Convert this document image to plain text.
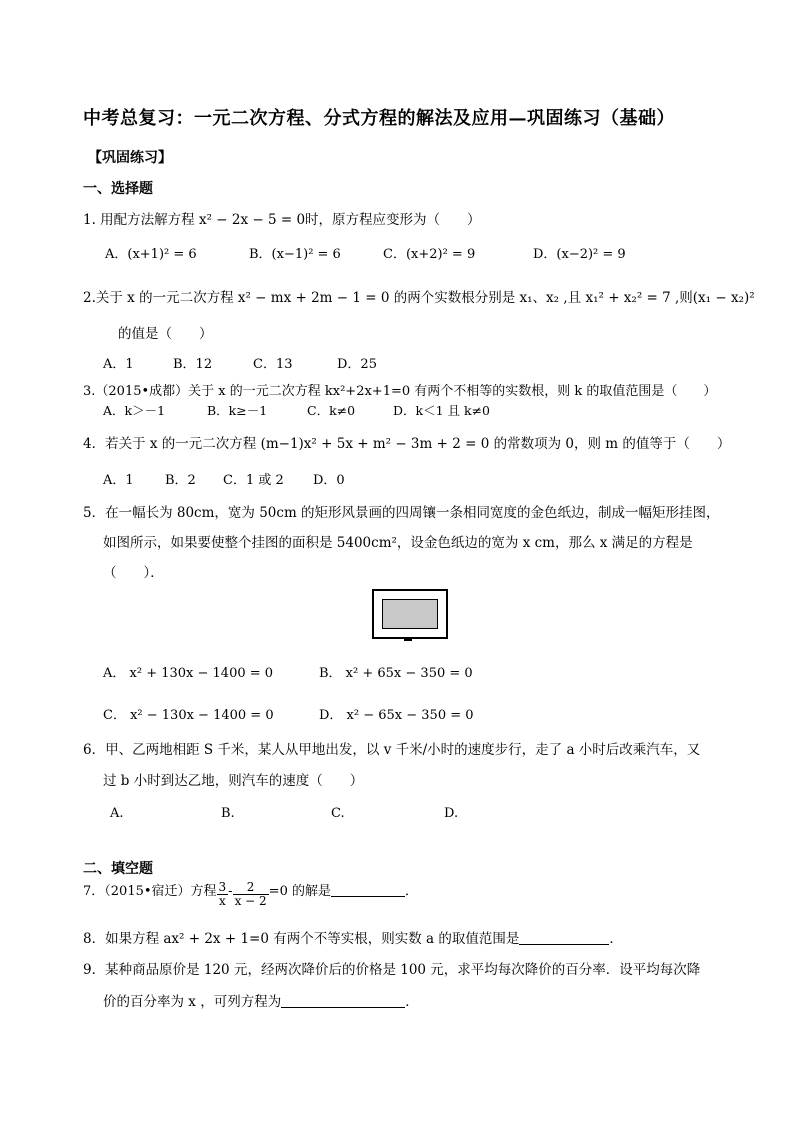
中考总复习：一元二次方程、分式方程的解法及应用—巩固练习（基础）
【巩固练习】
一、选择题
1. 用配方法解方程 x² − 2x − 5 = 0时，原方程应变形为（　　）
A．(x+1)² = 6	B．(x−1)² = 6	C．(x+2)² = 9	D．(x−2)² = 9
2.关于 x 的一元二次方程 x² − mx + 2m − 1 = 0 的两个实数根分别是 x₁、x₂ ,且 x₁² + x₂² = 7 ,则(x₁ − x₂)²
的值是（　　）
A．1	B．12	C．13	D．25
3.（2015•成都）关于 x 的一元二次方程 kx²+2x+1=0 有两个不相等的实数根，则 k 的取值范围是（　　）
A．k＞－1	B．k≥－1	C．k≠0	D．k＜1 且 k≠0
4．若关于 x 的一元二次方程 (m−1)x² + 5x + m² − 3m + 2 = 0 的常数项为 0，则 m 的值等于（　　）
A．1 B．2 C．1 或 2 D．0
5．在一幅长为 80cm，宽为 50cm 的矩形风景画的四周镶一条相同宽度的金色纸边，制成一幅矩形挂图，
如图所示，如果要使整个挂图的面积是 5400cm²，设金色纸边的宽为 x cm，那么 x 满足的方程是
（　　）．
A． x² + 130x − 1400 = 0	B． x² + 65x − 350 = 0
C． x² − 130x − 1400 = 0	D． x² − 65x − 350 = 0
6．甲、乙两地相距 S 千米，某人从甲地出发，以 v 千米/小时的速度步行，走了 a 小时后改乘汽车，又
过 b 小时到达乙地，则汽车的速度（　　）
A.	B.	C.	D.
二、填空题
7．（2015•宿迁）方程 $\frac{3}{x} - \frac{2}{x - 2} =0$ 的解是	．
8．如果方程 ax² + 2x + 1=0 有两个不等实根，则实数 a 的取值范围是	．
9．某种商品原价是 120 元，经两次降价后的价格是 100 元，求平均每次降价的百分率．设平均每次降
价的百分率为 x ，可列方程为	．
